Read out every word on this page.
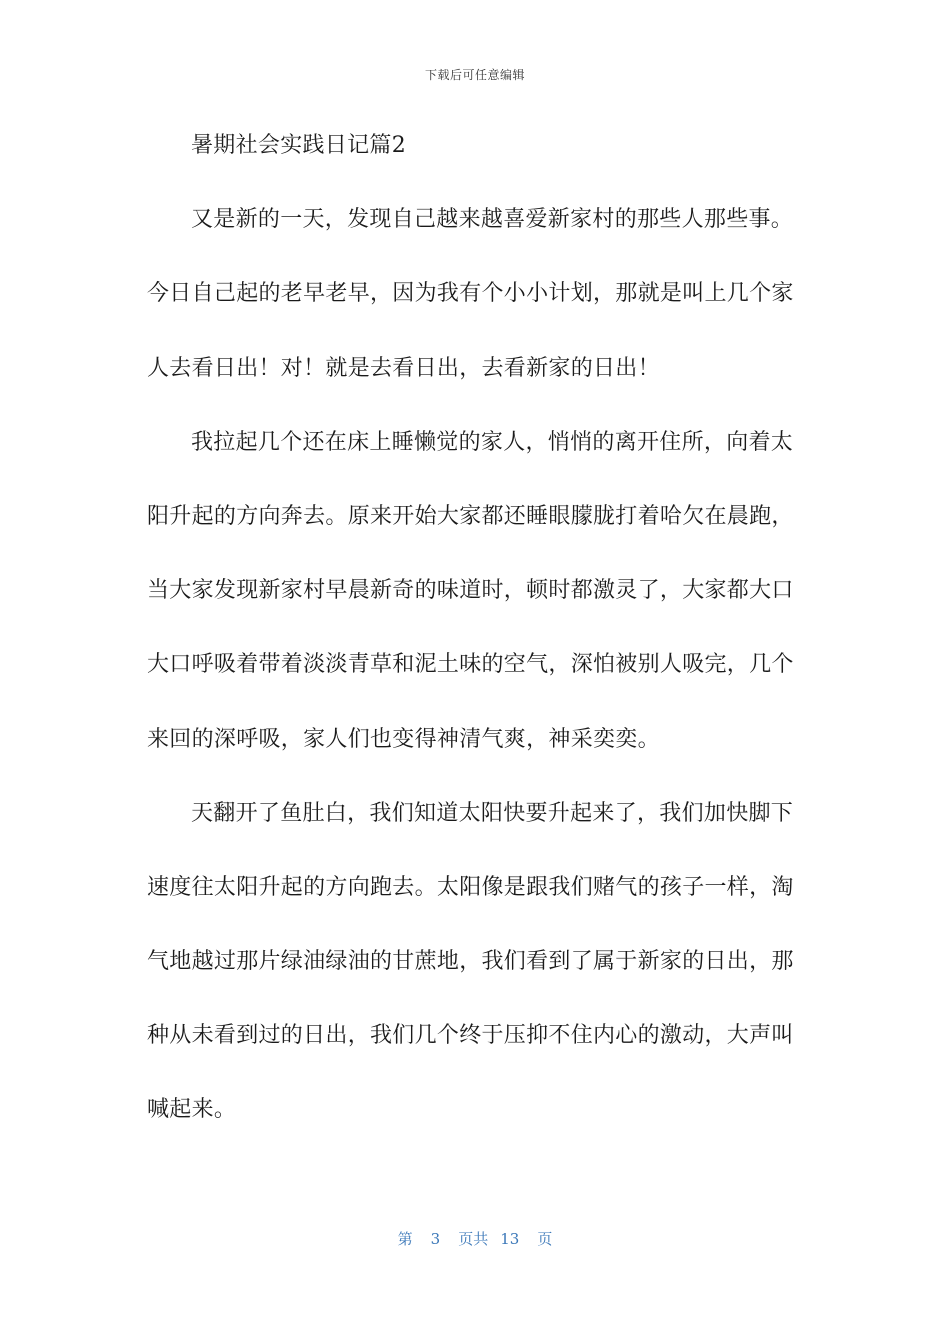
下载后可任意编辑
暑期社会实践日记篇2
又是新的一天，发现自己越来越喜爱新家村的那些人那些事。
今日自己起的老早老早，因为我有个小小计划，那就是叫上几个家
人去看日出！对！就是去看日出，去看新家的日出！
我拉起几个还在床上睡懒觉的家人，悄悄的离开住所，向着太
阳升起的方向奔去。原来开始大家都还睡眼朦胧打着哈欠在晨跑，
当大家发现新家村早晨新奇的味道时，顿时都激灵了，大家都大口
大口呼吸着带着淡淡青草和泥土味的空气，深怕被别人吸完，几个
来回的深呼吸，家人们也变得神清气爽，神采奕奕。
天翻开了鱼肚白，我们知道太阳快要升起来了，我们加快脚下
速度往太阳升起的方向跑去。太阳像是跟我们赌气的孩子一样，淘
气地越过那片绿油绿油的甘蔗地，我们看到了属于新家的日出，那
种从未看到过的日出，我们几个终于压抑不住内心的激动，大声叫
喊起来。
第 3 页共 13 页
